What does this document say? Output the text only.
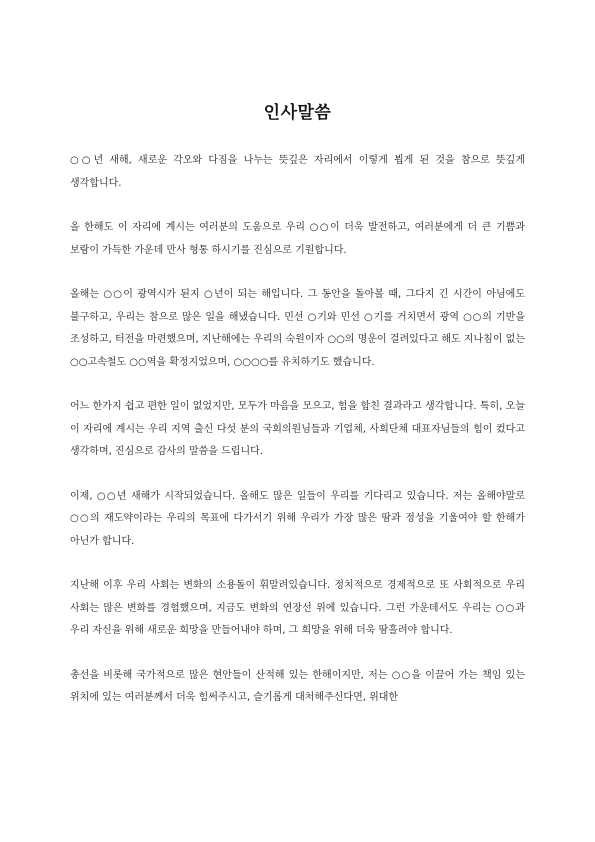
인사말씀

○○년 새해, 새로운 각오와 다짐을 나누는 뜻깊은 자리에서 이렇게 뵙게 된 것을 참으로 뜻깊게 생각합니다.

올 한해도 이 자리에 계시는 여러분의 도움으로 우리 ○○이 더욱 발전하고, 여러분에게 더 큰 기쁨과 보람이 가득한 가운데 만사 형통 하시기를 진심으로 기원합니다.

올해는 ○○이 광역시가 된지 ○년이 되는 해입니다. 그 동안을 돌아볼 때, 그다지 긴 시간이 아님에도 불구하고, 우리는 참으로 많은 일을 해냈습니다. 민선 ○기와 민선 ○기를 거치면서 광역 ○○의 기반을 조성하고, 터전을 마련했으며, 지난해에는 우리의 숙원이자 ○○의 명운이 걸려있다고 해도 지나침이 없는 ○○고속철도 ○○역을 확정지었으며, ○○○○를 유치하기도 했습니다.

어느 한가지 쉽고 편한 일이 없었지만, 모두가 마음을 모으고, 힘을 합친 결과라고 생각합니다. 특히, 오늘 이 자리에 계시는 우리 지역 출신 다섯 분의 국회의원님들과 기업체, 사회단체 대표자님들의 힘이 컸다고 생각하며, 진심으로 감사의 말씀을 드립니다.

이제, ○○년 새해가 시작되었습니다. 올해도 많은 일들이 우리를 기다리고 있습니다. 저는 올해야말로 ○○의 재도약이라는 우리의 목표에 다가서기 위해 우리가 가장 많은 땀과 정성을 기울여야 할 한해가 아닌가 합니다.

지난해 이후 우리 사회는 변화의 소용돌이 휘말려있습니다. 정치적으로 경제적으로 또 사회적으로 우리 사회는 많은 변화를 경험했으며, 지금도 변화의 연장선 위에 있습니다. 그런 가운데서도 우리는 ○○과 우리 자신을 위해 새로운 희망을 만들어내야 하며, 그 희망을 위해 더욱 땀흘려야 합니다.

총선을 비롯해 국가적으로 많은 현안들이 산적해 있는 한해이지만, 저는 ○○을 이끌어 가는 책임 있는 위치에 있는 여러분께서 더욱 힘써주시고, 슬기롭게 대처해주신다면, 위대한
